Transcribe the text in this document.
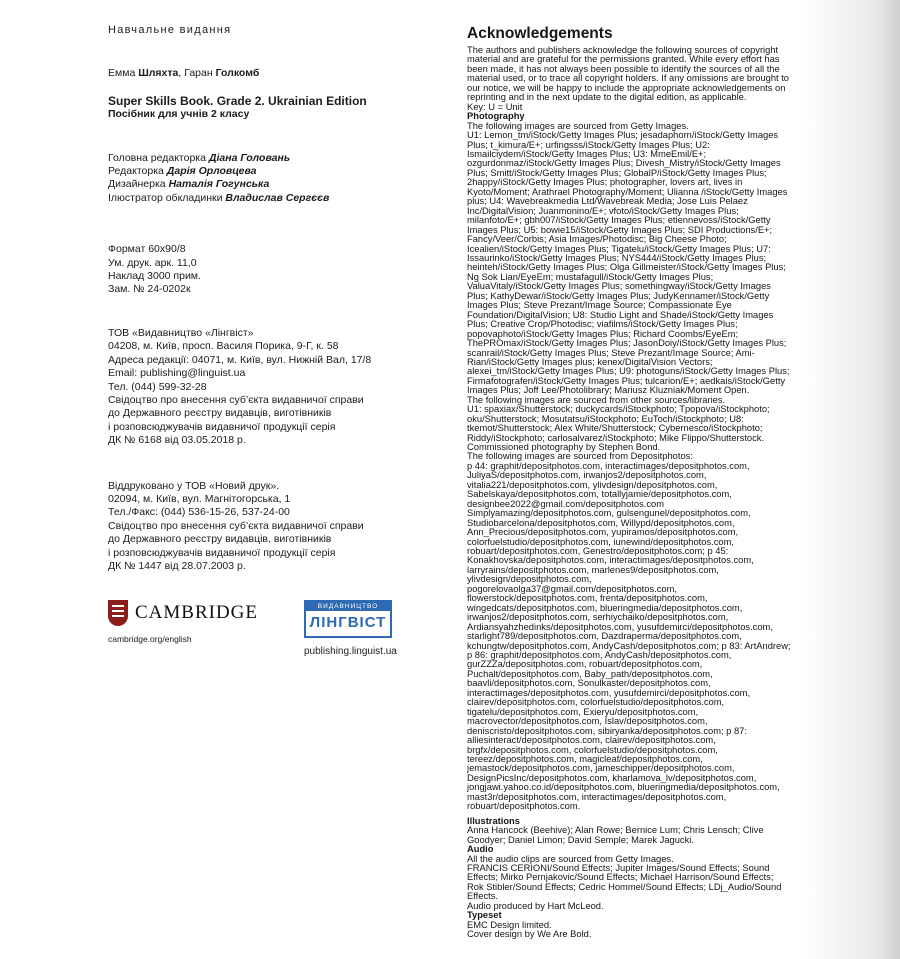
Навчальне видання

Емма Шляхта, Гаран Голкомб
Super Skills Book. Grade 2. Ukrainian Edition
Посібник для учнів 2 класу
Головна редакторка Діана Головань
Редакторка Дарія Орловцева
Дизайнерка Наталія Гогунська
Ілюстратор обкладинки Владислав Сергєєв
Формат 60х90/8
Ум. друк. арк. 11,0
Наклад 3000 прим.
Зам. № 24-0202к
ТОВ «Видавництво «Лінгвіст»
04208, м. Київ, просп. Василя Порика, 9-Г, к. 58
Адреса редакції: 04071, м. Київ, вул. Нижній Вал, 17/8
Email: publishing@linguist.ua
Тел. (044) 599-32-28
Свідоцтво про внесення суб’єкта видавничої справи
до Державного реєстру видавців, виготівників
і розповсюджувачів видавничої продукції серія
ДК № 6168 від 03.05.2018 р.
Віддруковано у ТОВ «Новий друк».
02094, м. Київ, вул. Магнітогорська, 1
Тел./Факс: (044) 536-15-26, 537-24-00
Свідоцтво про внесення суб’єкта видавничої справи
до Державного реєстру видавців, виготівників
і розповсюджувачів видавничої продукції серія
ДК № 1447 від 28.07.2003 р.
CAMBRIDGE
cambridge.org/english
ВИДАВНИЦТВО
ЛІНГВІСТ
publishing.linguist.ua
Acknowledgements

The authors and publishers acknowledge the following sources of copyright material and are grateful for the permissions granted. While every effort has been made, it has not always been possible to identify the sources of all the material used, or to trace all copyright holders. If any omissions are brought to our notice, we will be happy to include the appropriate acknowledgements on reprinting and in the next update to the digital edition, as applicable.

Key: U = Unit

Photography

The following images are sourced from Getty Images.

U1: Lemon_tm/iStock/Getty Images Plus; jesadaphorn/iStock/Getty Images Plus; t_kimura/E+; urfingsss/iStock/Getty Images Plus; U2: Ismailciydem/iStock/Getty Images Plus; U3: MmeEmil/E+; ozgurdonmaz/iStock/Getty Images Plus; Divesh_Mistry/iStock/Getty Images Plus; Smitt/iStock/Getty Images Plus; GlobalP/iStock/Getty Images Plus; 2happy/iStock/Getty Images Plus; photographer, lovers art, lives in Kyoto/Moment; Arathrael Photography/Moment; Ulianna /iStock/Getty Images plus; U4: Wavebreakmedia Ltd/Wavebreak Media; Jose Luis Pelaez Inc/DigitalVision; Juanmonino/E+; vfoto/iStock/Getty Images Plus; milanfoto/E+; gbh007/iStock/Getty Images Plus; etiennevoss/iStock/Getty Images Plus; U5: bowie15/iStock/Getty Images Plus; SDI Productions/E+; Fancy/Veer/Corbis; Asia Images/Photodisc; Big Cheese Photo; Icealien/iStock/Getty Images Plus; Tigatelu/iStock/Getty Images Plus; U7: Issaurinko/iStock/Getty Images Plus; NYS444/iStock/Getty Images Plus; heinteh/iStock/Getty Images Plus; Olga Gillmeister/iStock/Getty Images Plus; Ng Sok Lian/EyeEm; mustafagull/iStock/Getty Images Plus; ValuaVitaly/iStock/Getty Images Plus; somethingway/iStock/Getty Images Plus; KathyDewar/iStock/Getty Images Plus; JudyKennamer/iStock/Getty Images Plus; Steve Prezant/Image Source; Compassionate Eye Foundation/DigitalVision; U8: Studio Light and Shade/iStock/Getty Images Plus; Creative Crop/Photodisc; viafilms/iStock/Getty Images Plus; popovaphoto/iStock/Getty Images Plus; Richard Coombs/EyeEm; ThePROmax/iStock/Getty Images Plus; JasonDoiy/iStock/Getty Images Plus; scanrail/iStock/Getty Images Plus; Steve Prezant/Image Source; Ami-Rian/iStock/Getty Images plus; kenex/DigitalVision Vectors; alexei_tm/iStock/Getty Images Plus; U9: photoguns/iStock/Getty Images Plus; Firmafotografen/iStock/Getty Images Plus; tulcarion/E+; aedkais/iStock/Getty Images Plus; Joff Lee/Photolibrary; Mariusz Kluzniak/Moment Open.

The following images are sourced from other sources/libraries.

U1: spaxiax/Shutterstock; duckycards/iStockphoto; Tpopova/iStockphoto; oku/Shutterstock; Mosutatsu/iStockphoto; EuToch/iStockphoto; U8: tkemot/Shutterstock; Alex White/Shutterstock; Cybernesco/iStockphoto; Riddy/iStockphoto; carlosalvarez/iStockphoto; Mike Flippo/Shutterstock.

Commissioned photography by Stephen Bond.

The following images are sourced from Depositphotos:

p 44: graphit/depositphotos.com, interactimages/depositphotos.com, JuliyaS/depositphotos.com, irwanjos2/depositphotos.com, vitalia221/depositphotos.com, ylivdesign/depositphotos.com, Sabelskaya/depositphotos.com, totallyjamie/depositphotos.com, designbee2022@gmail.com/depositphotos.com Simplyamazing/depositphotos.com, gulsengunel/depositphotos.com, Studiobarcelona/depositphotos.com, Willypd/depositphotos.com, Ann_Precious/depositphotos.com, yupiramos/depositphotos.com, colorfuelstudio/depositphotos.com, iunewind/depositphotos.com, robuart/depositphotos.com, Genestro/depositphotos.com; p 45: Konakhovska/depositphotos.com, interactimages/depositphotos.com, larryrains/depositphotos.com, marlenes9/depositphotos.com, ylivdesign/depositphotos.com, pogorelovaolga37@gmail.com/depositphotos.com, flowerstock/depositphotos.com, frenta/depositphotos.com, wingedcats/depositphotos.com, blueringmedia/depositphotos.com, irwanjos2/depositphotos.com, serhiychaiko/depositphotos.com, Ardiansyahzhedinks/depositphotos.com, yusufdemirci/depositphotos.com, starlight789/depositphotos.com, Dazdraperma/depositphotos.com, kchungtw/depositphotos.com, AndyCash/depositphotos.com; p 83: ArtAndrew; p 86: graphit/depositphotos.com, AndyCash/depositphotos.com, gurZZZa/depositphotos.com, robuart/depositphotos.com, Puchalt/depositphotos.com, Baby_path/depositphotos.com, baavli/depositphotos.com, Sonulkaster/depositphotos.com, interactimages/depositphotos.com, yusufdemirci/depositphotos.com, clairev/depositphotos.com, colorfuelstudio/depositphotos.com, tigatelu/depositphotos.com, Exieryu/depositphotos.com, macrovector/depositphotos.com, Islav/depositphotos.com, deniscristo/depositphotos.com, sibiryanka/depositphotos.com; p 87: alliesinteract/depositphotos.com, clairev/depositphotos.com, brgfx/depositphotos.com, colorfuelstudio/depositphotos.com, tereez/depositphotos.com, magicleaf/depositphotos.com, jemastock/depositphotos.com, jameschipper/depositphotos.com, DesignPicsInc/depositphotos.com, kharlamova_lv/depositphotos.com, jongjawi.yahoo.co.id/depositphotos.com, blueringmedia/depositphotos.com, mast3r/depositphotos.com, interactimages/depositphotos.com, robuart/depositphotos.com.

Illustrations

Anna Hancock (Beehive); Alan Rowe; Bernice Lum; Chris Lensch; Clive Goodyer; Daniel Limon; David Semple; Marek Jagucki.

Audio

All the audio clips are sourced from Getty Images.

FRANCIS CERIONI/Sound Effects; Jupiter Images/Sound Effects; Sound Effects; Mirko Pernjakovic/Sound Effects; Michael Harrison/Sound Effects; Rok Stibler/Sound Effects; Cedric Hommel/Sound Effects; LDj_Audio/Sound Effects.

Audio produced by Hart McLeod.

Typeset

EMC Design limited.

Cover design by We Are Bold.
